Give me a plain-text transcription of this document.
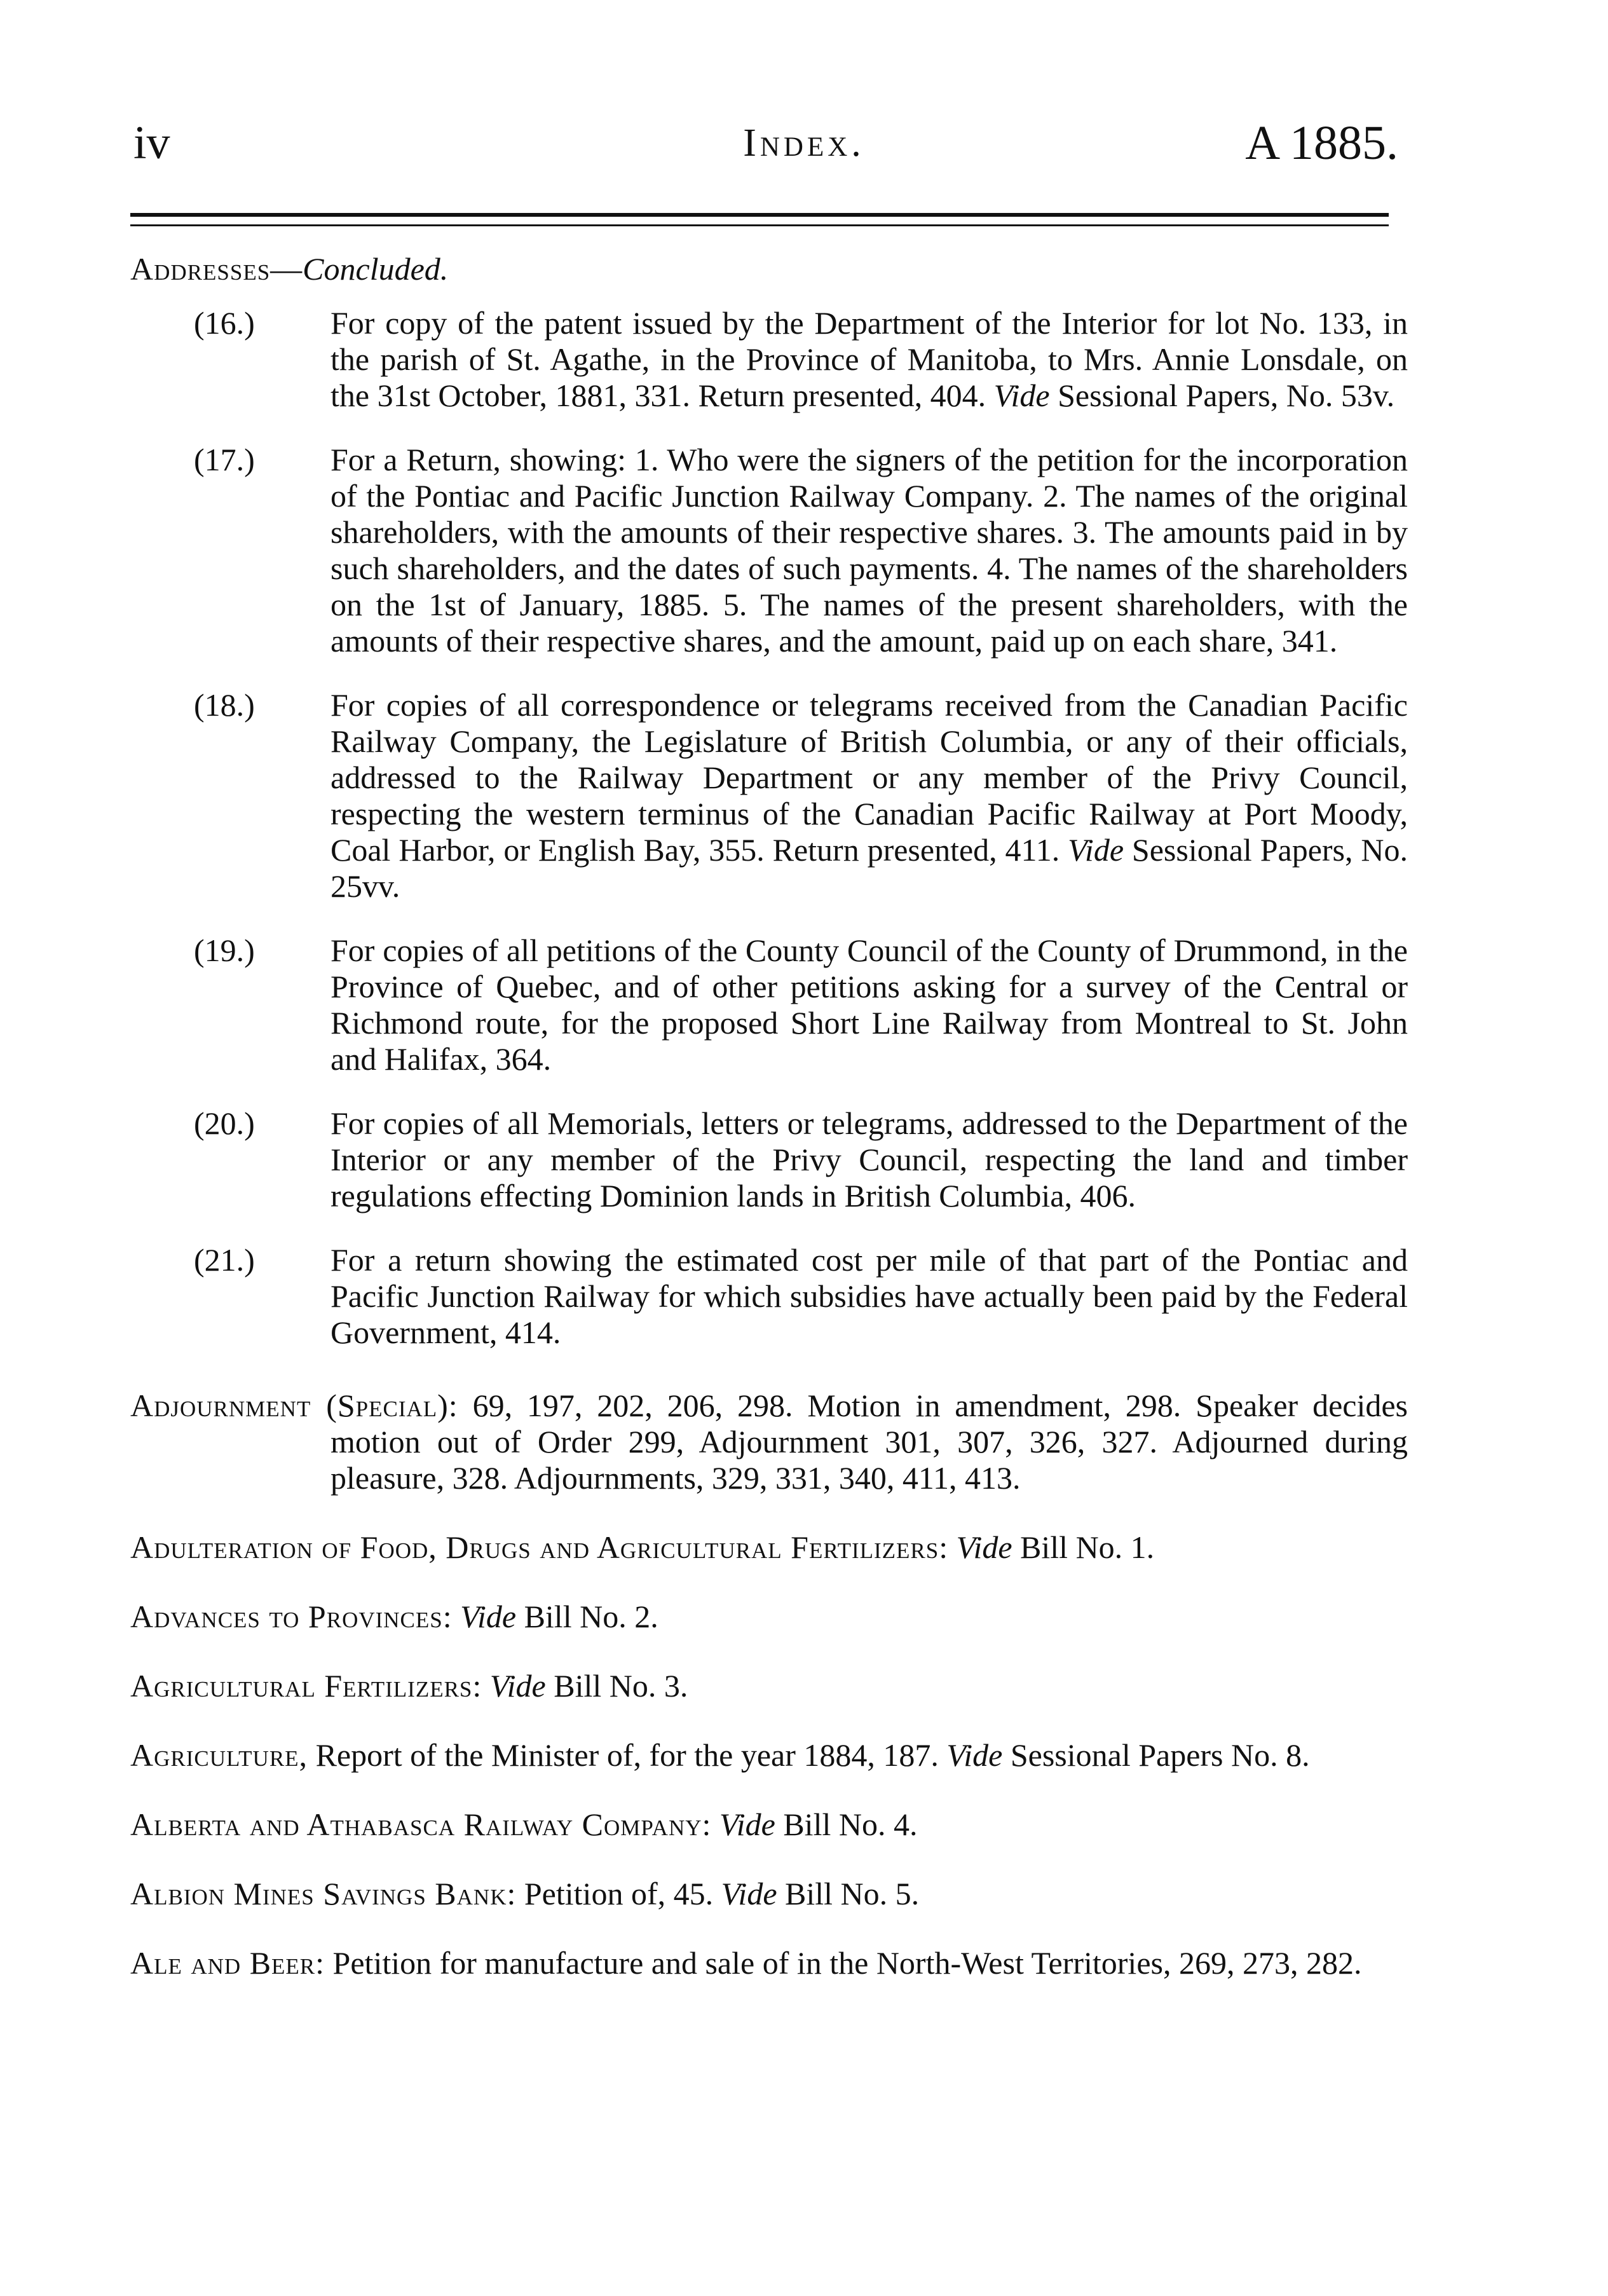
iv	Index.	A 1885.
Addresses—Concluded.
(16.) For copy of the patent issued by the Department of the Interior for lot No. 133, in the parish of St. Agathe, in the Province of Manitoba, to Mrs. Annie Lonsdale, on the 31st October, 1881, 331. Return presented, 404. Vide Sessional Papers, No. 53v.
(17.) For a Return, showing: 1. Who were the signers of the petition for the incorporation of the Pontiac and Pacific Junction Railway Company. 2. The names of the original shareholders, with the amounts of their respective shares. 3. The amounts paid in by such shareholders, and the dates of such payments. 4. The names of the shareholders on the 1st of January, 1885. 5. The names of the present shareholders, with the amounts of their respective shares, and the amount, paid up on each share, 341.
(18.) For copies of all correspondence or telegrams received from the Canadian Pacific Railway Company, the Legislature of British Columbia, or any of their officials, addressed to the Railway Department or any member of the Privy Council, respecting the western terminus of the Canadian Pacific Railway at Port Moody, Coal Harbor, or English Bay, 355. Return presented, 411. Vide Sessional Papers, No. 25vv.
(19.) For copies of all petitions of the County Council of the County of Drummond, in the Province of Quebec, and of other petitions asking for a survey of the Central or Richmond route, for the proposed Short Line Railway from Montreal to St. John and Halifax, 364.
(20.) For copies of all Memorials, letters or telegrams, addressed to the Department of the Interior or any member of the Privy Council, respecting the land and timber regulations effecting Dominion lands in British Columbia, 406.
(21.) For a return showing the estimated cost per mile of that part of the Pontiac and Pacific Junction Railway for which subsidies have actually been paid by the Federal Government, 414.
Adjournment (Special): 69, 197, 202, 206, 298. Motion in amendment, 298. Speaker decides motion out of Order 299, Adjournment 301, 307, 326, 327. Adjourned during pleasure, 328. Adjournments, 329, 331, 340, 411, 413.
Adulteration of Food, Drugs and Agricultural Fertilizers: Vide Bill No. 1.
Advances to Provinces: Vide Bill No. 2.
Agricultural Fertilizers: Vide Bill No. 3.
Agriculture, Report of the Minister of, for the year 1884, 187. Vide Sessional Papers No. 8.
Alberta and Athabasca Railway Company: Vide Bill No. 4.
Albion Mines Savings Bank: Petition of, 45. Vide Bill No. 5.
Ale and Beer: Petition for manufacture and sale of in the North-West Territories, 269, 273, 282.
